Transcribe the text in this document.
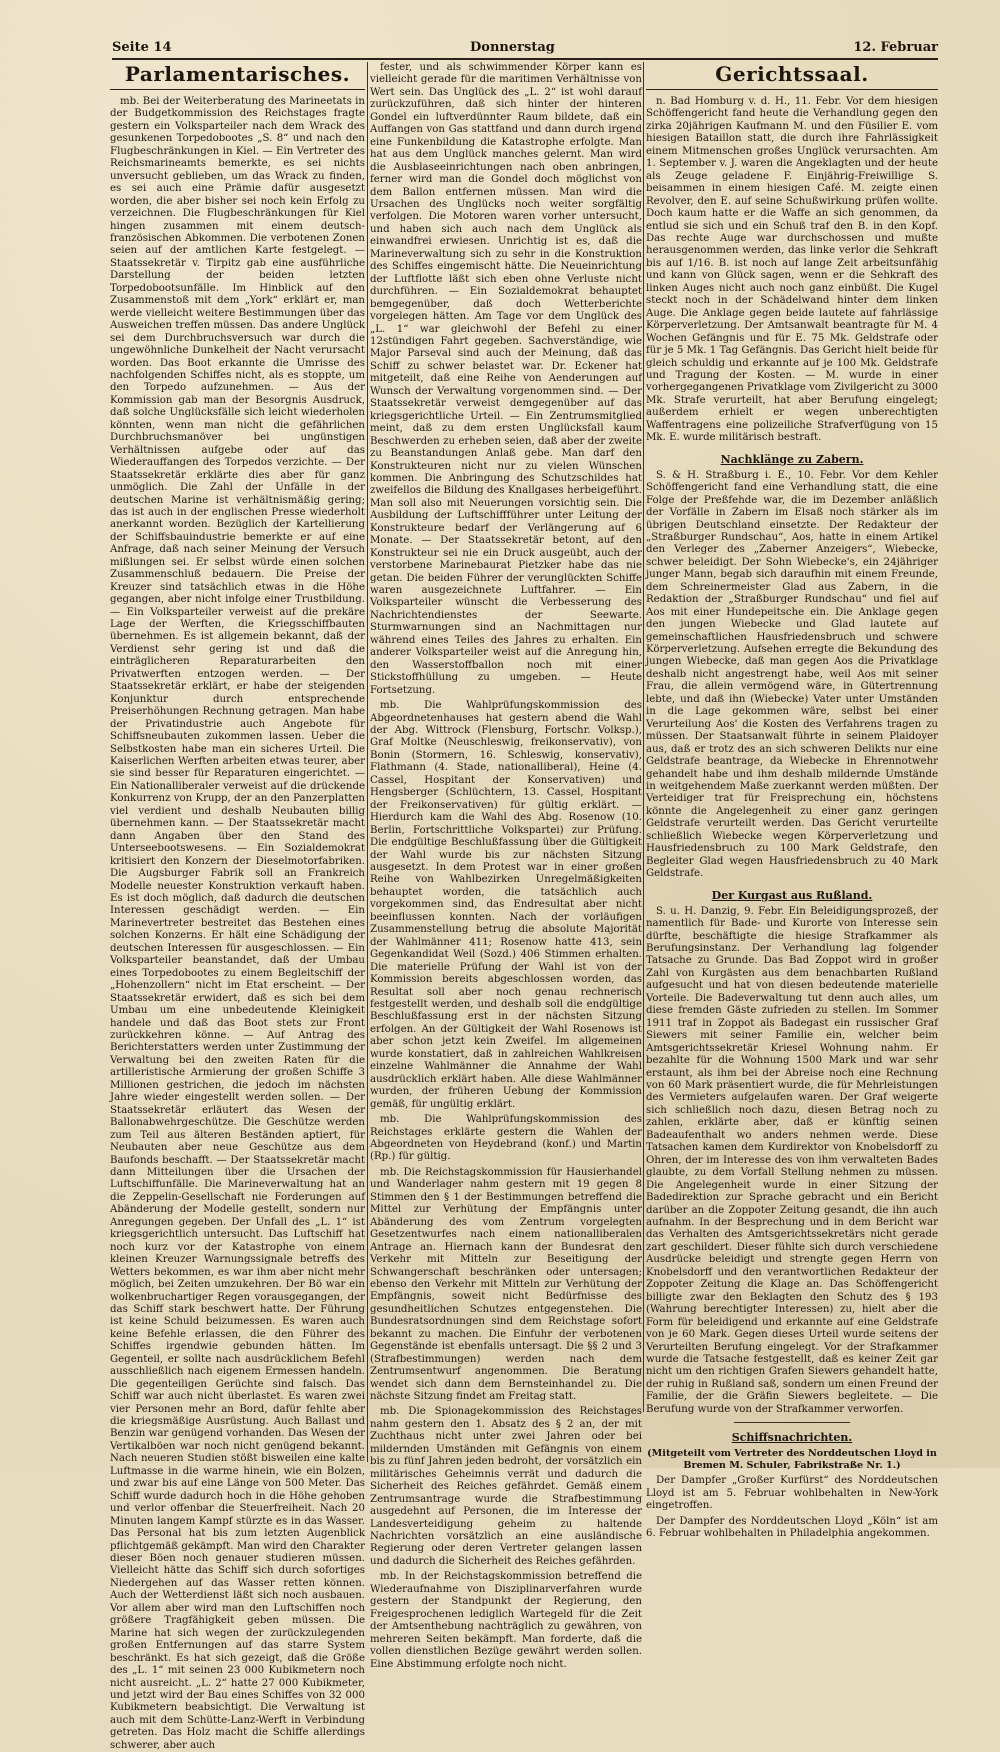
Seite 14	Donnerstag	12. Februar
Parlamentarisches.

mb. Bei der Weiterberatung des Marineetats in der Budgetkommission des Reichstages fragte gestern ein Volksparteiler nach dem Wrack des gesunkenen Torpedobootes „S. 8“ und nach den Flugbeschränkungen in Kiel. — Ein Vertreter des Reichsmarineamts bemerkte, es sei nichts unversucht geblieben, um das Wrack zu finden, es sei auch eine Prämie dafür ausgesetzt worden, die aber bisher sei noch kein Erfolg zu verzeichnen. Die Flugbeschränkungen für Kiel hingen zusammen mit einem deutsch-französischen Abkommen. Die verbotenen Zonen seien auf der amtlichen Karte festgelegt. — Staatssekretär v. Tirpitz gab eine ausführliche Darstellung der beiden letzten Torpedobootsunfälle. Im Hinblick auf den Zusammenstoß mit dem „York“ erklärt er, man werde vielleicht weitere Bestimmungen über das Ausweichen treffen müssen. Das andere Unglück sei dem Durchbruchsversuch war durch die ungewöhnliche Dunkelheit der Nacht verursacht worden. Das Boot erkannte die Umrisse des nachfolgenden Schiffes nicht, als es stoppte, um den Torpedo aufzunehmen. — Aus der Kommission gab man der Besorgnis Ausdruck, daß solche Unglücksfälle sich leicht wiederholen könnten, wenn man nicht die gefährlichen Durchbruchsmanöver bei ungünstigen Verhältnissen aufgebe oder auf das Wiederauffangen des Torpedos verzichte. — Der Staatssekretär erklärte dies aber für ganz unmöglich. Die Zahl der Unfälle in der deutschen Marine ist verhältnismäßig gering; das ist auch in der englischen Presse wiederholt anerkannt worden. Bezüglich der Kartellierung der Schiffsbauindustrie bemerkte er auf eine Anfrage, daß nach seiner Meinung der Versuch mißlungen sei. Er selbst würde einen solchen Zusammenschluß bedauern. Die Preise der Kreuzer sind tatsächlich etwas in die Höhe gegangen, aber nicht infolge einer Trustbildung. — Ein Volksparteiler verweist auf die prekäre Lage der Werften, die Kriegsschiffbauten übernehmen. Es ist allgemein bekannt, daß der Verdienst sehr gering ist und daß die einträglicheren Reparaturarbeiten den Privatwerften entzogen werden. — Der Staatssekretär erklärt, er habe der steigenden Konjunktur durch entsprechende Preiserhöhungen Rechnung getragen. Man habe der Privatindustrie auch Angebote für Schiffsneubauten zukommen lassen. Ueber die Selbstkosten habe man ein sicheres Urteil. Die Kaiserlichen Werften arbeiten etwas teurer, aber sie sind besser für Reparaturen eingerichtet. — Ein Nationalliberaler verweist auf die drückende Konkurrenz von Krupp, der an den Panzerplatten viel verdient und deshalb Neubauten billig übernehmen kann. — Der Staatssekretär macht dann Angaben über den Stand des Unterseebootswesens. — Ein Sozialdemokrat kritisiert den Konzern der Dieselmotorfabriken. Die Augsburger Fabrik soll an Frankreich Modelle neuester Konstruktion verkauft haben. Es ist doch möglich, daß dadurch die deutschen Interessen geschädigt werden. — Ein Marinevertreter bestreitet das Bestehen eines solchen Konzerns. Er hält eine Schädigung der deutschen Interessen für ausgeschlossen. — Ein Volksparteiler beanstandet, daß der Umbau eines Torpedobootes zu einem Begleitschiff der „Hohenzollern“ nicht im Etat erscheint. — Der Staatssekretär erwidert, daß es sich bei dem Umbau um eine unbedeutende Kleinigkeit handele und daß das Boot stets zur Front zurückkehren könne. — Auf Antrag des Berichterstatters werden unter Zustimmung der Verwaltung bei den zweiten Raten für die artilleristische Armierung der großen Schiffe 3 Millionen gestrichen, die jedoch im nächsten Jahre wieder eingestellt werden sollen. — Der Staatssekretär erläutert das Wesen der Ballonabwehrgeschütze. Die Geschütze werden zum Teil aus älteren Beständen aptiert, für Neubauten aber neue Geschütze aus dem Baufonds beschafft. — Der Staatssekretär macht dann Mitteilungen über die Ursachen der Luftschiffunfälle. Die Marineverwaltung hat an die Zeppelin-Gesellschaft nie Forderungen auf Abänderung der Modelle gestellt, sondern nur Anregungen gegeben. Der Unfall des „L. 1“ ist kriegsgerichtlich untersucht. Das Luftschiff hat noch kurz vor der Katastrophe von einem kleinen Kreuzer Warnungssignale betreffs des Wetters bekommen, es war ihm aber nicht mehr möglich, bei Zeiten umzukehren. Der Bö war ein wolkenbruchartiger Regen vorausgegangen, der das Schiff stark beschwert hatte. Der Führung ist keine Schuld beizumessen. Es waren auch keine Befehle erlassen, die den Führer des Schiffes irgendwie gebunden hätten. Im Gegenteil, er sollte nach ausdrücklichem Befehl ausschließlich nach eigenem Ermessen handeln. Die gegenteiligen Gerüchte sind falsch. Das Schiff war auch nicht überlastet. Es waren zwei vier Personen mehr an Bord, dafür fehlte aber die kriegsmäßige Ausrüstung. Auch Ballast und Benzin war genügend vorhanden. Das Wesen der Vertikalböen war noch nicht genügend bekannt. Nach neueren Studien stößt bisweilen eine kalte Luftmasse in die warme hinein, wie ein Bolzen, und zwar bis auf eine Länge von 500 Meter. Das Schiff wurde dadurch hoch in die Höhe gehoben und verlor offenbar die Steuerfreiheit. Nach 20 Minuten langem Kampf stürzte es in das Wasser. Das Personal hat bis zum letzten Augenblick pflichtgemäß gekämpft. Man wird den Charakter dieser Böen noch genauer studieren müssen. Vielleicht hätte das Schiff sich durch sofortiges Niedergehen auf das Wasser retten können. Auch der Wetterdienst läßt sich noch ausbauen. Vor allem aber wird man den Luftschiffen noch größere Tragfähigkeit geben müssen. Die Marine hat sich wegen der zurückzulegenden großen Entfernungen auf das starre System beschränkt. Es hat sich gezeigt, daß die Größe des „L. 1“ mit seinen 23 000 Kubikmetern noch nicht ausreicht. „L. 2“ hatte 27 000 Kubikmeter, und jetzt wird der Bau eines Schiffes von 32 000 Kubikmetern beabsichtigt. Die Verwaltung ist auch mit dem Schütte-Lanz-Werft in Verbindung getreten. Das Holz macht die Schiffe allerdings schwerer, aber auch

fester, und als schwimmender Körper kann es vielleicht gerade für die maritimen Verhältnisse von Wert sein. Das Unglück des „L. 2“ ist wohl darauf zurückzuführen, daß sich hinter der hinteren Gondel ein luftverdünnter Raum bildete, daß ein Auffangen von Gas stattfand und dann durch irgend eine Funkenbildung die Katastrophe erfolgte. Man hat aus dem Unglück manches gelernt. Man wird die Ausblaseeinrichtungen nach oben anbringen, ferner wird man die Gondel doch möglichst von dem Ballon entfernen müssen. Man wird die Ursachen des Unglücks noch weiter sorgfältig verfolgen. Die Motoren waren vorher untersucht, und haben sich auch nach dem Unglück als einwandfrei erwiesen. Unrichtig ist es, daß die Marineverwaltung sich zu sehr in die Konstruktion des Schiffes eingemischt hätte. Die Neueinrichtung der Luftflotte läßt sich eben ohne Verluste nicht durchführen. — Ein Sozialdemokrat behauptet bemgegenüber, daß doch Wetterberichte vorgelegen hätten. Am Tage vor dem Unglück des „L. 1“ war gleichwohl der Befehl zu einer 12stündigen Fahrt gegeben. Sachverständige, wie Major Parseval sind auch der Meinung, daß das Schiff zu schwer belastet war. Dr. Eckener hat mitgeteilt, daß eine Reihe von Aenderungen auf Wunsch der Verwaltung vorgenommen sind. — Der Staatssekretär verweist demgegenüber auf das kriegsgerichtliche Urteil. — Ein Zentrumsmitglied meint, daß zu dem ersten Unglücksfall kaum Beschwerden zu erheben seien, daß aber der zweite zu Beanstandungen Anlaß gebe. Man darf den Konstrukteuren nicht nur zu vielen Wünschen kommen. Die Anbringung des Schutzschildes hat zweifellos die Bildung des Knallgases herbeigeführt. Man soll also mit Neuerungen vorsichtig sein. Die Ausbildung der Luftschiffführer unter Leitung der Konstrukteure bedarf der Verlängerung auf 6 Monate. — Der Staatssekretär betont, auf den Konstrukteur sei nie ein Druck ausgeübt, auch der verstorbene Marinebaurat Pietzker habe das nie getan. Die beiden Führer der verunglückten Schiffe waren ausgezeichnete Luftfahrer. — Ein Volksparteiler wünscht die Verbesserung des Nachrichtendienstes der Seewarte. Sturmwarnungen sind an Nachmittagen nur während eines Teiles des Jahres zu erhalten. Ein anderer Volksparteiler weist auf die Anregung hin, den Wasserstoffballon noch mit einer Stickstoffhüllung zu umgeben. — Heute Fortsetzung.

mb. Die Wahlprüfungskommission des Abgeordnetenhauses hat gestern abend die Wahl der Abg. Wittrock (Flensburg, Fortschr. Volksp.), Graf Moltke (Neuschleswig, freikonservativ), von Bonin (Stormern, 16. Schleswig, konservativ), Flathmann (4. Stade, nationalliberal), Heine (4. Cassel, Hospitant der Konservativen) und Hengsberger (Schlüchtern, 13. Cassel, Hospitant der Freikonservativen) für gültig erklärt. — Hierdurch kam die Wahl des Abg. Rosenow (10. Berlin, Fortschrittliche Volkspartei) zur Prüfung. Die endgültige Beschlußfassung über die Gültigkeit der Wahl wurde bis zur nächsten Sitzung ausgesetzt. In dem Protest war in einer großen Reihe von Wahlbezirken Unregelmäßigkeiten behauptet worden, die tatsächlich auch vorgekommen sind, das Endresultat aber nicht beeinflussen konnten. Nach der vorläufigen Zusammenstellung betrug die absolute Majorität der Wahlmänner 411; Rosenow hatte 413, sein Gegenkandidat Weil (Sozd.) 406 Stimmen erhalten. Die materielle Prüfung der Wahl ist von der Kommission bereits abgeschlossen worden, das Resultat soll aber noch genau rechnerisch festgestellt werden, und deshalb soll die endgültige Beschlußfassung erst in der nächsten Sitzung erfolgen. An der Gültigkeit der Wahl Rosenows ist aber schon jetzt kein Zweifel. Im allgemeinen wurde konstatiert, daß in zahlreichen Wahlkreisen einzelne Wahlmänner die Annahme der Wahl ausdrücklich erklärt haben. Alle diese Wahlmänner wurden, der früheren Uebung der Kommission gemäß, für ungültig erklärt.

mb. Die Wahlprüfungskommission des Reichstages erklärte gestern die Wahlen der Abgeordneten von Heydebrand (konf.) und Martin (Rp.) für gültig.

mb. Die Reichstagskommission für Hausierhandel und Wanderlager nahm gestern mit 19 gegen 8 Stimmen den § 1 der Bestimmungen betreffend die Mittel zur Verhütung der Empfängnis unter Abänderung des vom Zentrum vorgelegten Gesetzentwurfes nach einem nationalliberalen Antrage an. Hiernach kann der Bundesrat den Verkehr mit Mitteln zur Beseitigung der Schwangerschaft beschränken oder untersagen; ebenso den Verkehr mit Mitteln zur Verhütung der Empfängnis, soweit nicht Bedürfnisse des gesundheitlichen Schutzes entgegenstehen. Die Bundesratsordnungen sind dem Reichstage sofort bekannt zu machen. Die Einfuhr der verbotenen Gegenstände ist ebenfalls untersagt. Die §§ 2 und 3 (Strafbestimmungen) werden nach dem Zentrumsentwurf angenommen. Die Beratung wendet sich dann dem Bernsteinhandel zu. Die nächste Sitzung findet am Freitag statt.

mb. Die Spionagekommission des Reichstages nahm gestern den 1. Absatz des § 2 an, der mit Zuchthaus nicht unter zwei Jahren oder bei mildernden Umständen mit Gefängnis von einem bis zu fünf Jahren jeden bedroht, der vorsätzlich ein militärisches Geheimnis verrät und dadurch die Sicherheit des Reiches gefährdet. Gemäß einem Zentrumsantrage wurde die Strafbestimmung ausgedehnt auf Personen, die im Interesse der Landesverteidigung geheim zu haltende Nachrichten vorsätzlich an eine ausländische Regierung oder deren Vertreter gelangen lassen und dadurch die Sicherheit des Reiches gefährden.

mb. In der Reichstagskommission betreffend die Wiederaufnahme von Disziplinarverfahren wurde gestern der Standpunkt der Regierung, den Freigesprochenen lediglich Wartegeld für die Zeit der Amtsenthebung nachträglich zu gewähren, von mehreren Seiten bekämpft. Man forderte, daß die vollen dienstlichen Bezüge gewährt werden sollen. Eine Abstimmung erfolgte noch nicht.

Gerichtssaal.

n. Bad Homburg v. d. H., 11. Febr. Vor dem hiesigen Schöffengericht fand heute die Verhandlung gegen den zirka 20jährigen Kaufmann M. und den Füsilier E. vom hiesigen Bataillon statt, die durch ihre Fahrlässigkeit einem Mitmenschen großes Unglück verursachten. Am 1. September v. J. waren die Angeklagten und der heute als Zeuge geladene F. Einjährig-Freiwillige S. beisammen in einem hiesigen Café. M. zeigte einen Revolver, den E. auf seine Schußwirkung prüfen wollte. Doch kaum hatte er die Waffe an sich genommen, da entlud sie sich und ein Schuß traf den B. in den Kopf. Das rechte Auge war durchschossen und mußte herausgenommen werden, das linke verlor die Sehkraft bis auf 1/16. B. ist noch auf lange Zeit arbeitsunfähig und kann von Glück sagen, wenn er die Sehkraft des linken Auges nicht auch noch ganz einbüßt. Die Kugel steckt noch in der Schädelwand hinter dem linken Auge. Die Anklage gegen beide lautete auf fahrlässige Körperverletzung. Der Amtsanwalt beantragte für M. 4 Wochen Gefängnis und für E. 75 Mk. Geldstrafe oder für je 5 Mk. 1 Tag Gefängnis. Das Gericht hielt beide für gleich schuldig und erkannte auf je 100 Mk. Geldstrafe und Tragung der Kosten. — M. wurde in einer vorhergegangenen Privatklage vom Zivilgericht zu 3000 Mk. Strafe verurteilt, hat aber Berufung eingelegt; außerdem erhielt er wegen unberechtigten Waffentragens eine polizeiliche Strafverfügung von 15 Mk. E. wurde militärisch bestraft.

Nachklänge zu Zabern.

S. & H. Straßburg i. E., 10. Febr. Vor dem Kehler Schöffengericht fand eine Verhandlung statt, die eine Folge der Preßfehde war, die im Dezember anläßlich der Vorfälle in Zabern im Elsaß noch stärker als im übrigen Deutschland einsetzte. Der Redakteur der „Straßburger Rundschau“, Aos, hatte in einem Artikel den Verleger des „Zaberner Anzeigers“, Wiebecke, schwer beleidigt. Der Sohn Wiebecke's, ein 24jähriger junger Mann, begab sich daraufhin mit einem Freunde, dem Schreinermeister Glad aus Zabern, in die Redaktion der „Straßburger Rundschau“ und fiel auf Aos mit einer Hundepeitsche ein. Die Anklage gegen den jungen Wiebecke und Glad lautete auf gemeinschaftlichen Hausfriedensbruch und schwere Körperverletzung. Aufsehen erregte die Bekundung des jungen Wiebecke, daß man gegen Aos die Privatklage deshalb nicht angestrengt habe, weil Aos mit seiner Frau, die allein vermögend wäre, in Gütertrennung lebte, und daß ihn (Wiebecke) Vater unter Umständen in die Lage gekommen wäre, selbst bei einer Verurteilung Aos' die Kosten des Verfahrens tragen zu müssen. Der Staatsanwalt führte in seinem Plaidoyer aus, daß er trotz des an sich schweren Delikts nur eine Geldstrafe beantrage, da Wiebecke in Ehrennotwehr gehandelt habe und ihm deshalb mildernde Umstände in weitgehendem Maße zuerkannt werden müßten. Der Verteidiger trat für Freisprechung ein, höchstens könnte die Angelegenheit zu einer ganz geringen Geldstrafe verurteilt werden. Das Gericht verurteilte schließlich Wiebecke wegen Körperverletzung und Hausfriedensbruch zu 100 Mark Geldstrafe, den Begleiter Glad wegen Hausfriedensbruch zu 40 Mark Geldstrafe.

Der Kurgast aus Rußland.

S. u. H. Danzig, 9. Febr. Ein Beleidigungsprozeß, der namentlich für Bade- und Kurorte von Interesse sein dürfte, beschäftigte die hiesige Strafkammer als Berufungsinstanz. Der Verhandlung lag folgender Tatsache zu Grunde. Das Bad Zoppot wird in großer Zahl von Kurgästen aus dem benachbarten Rußland aufgesucht und hat von diesen bedeutende materielle Vorteile. Die Badeverwaltung tut denn auch alles, um diese fremden Gäste zufrieden zu stellen. Im Sommer 1911 traf in Zoppot als Badegast ein russischer Graf Siewers mit seiner Familie ein, welcher beim Amtsgerichtssekretär Kriesel Wohnung nahm. Er bezahlte für die Wohnung 1500 Mark und war sehr erstaunt, als ihm bei der Abreise noch eine Rechnung von 60 Mark präsentiert wurde, die für Mehrleistungen des Vermieters aufgelaufen waren. Der Graf weigerte sich schließlich noch dazu, diesen Betrag noch zu zahlen, erklärte aber, daß er künftig seinen Badeaufenthalt wo anders nehmen werde. Diese Tatsachen kamen dem Kurdirektor von Knobelsdorff zu Ohren, der im Interesse des von ihm verwalteten Bades glaubte, zu dem Vorfall Stellung nehmen zu müssen. Die Angelegenheit wurde in einer Sitzung der Badedirektion zur Sprache gebracht und ein Bericht darüber an die Zoppoter Zeitung gesandt, die ihn auch aufnahm. In der Besprechung und in dem Bericht war das Verhalten des Amtsgerichtssekretärs nicht gerade zart geschildert. Dieser fühlte sich durch verschiedene Ausdrücke beleidigt und strengte gegen Herrn von Knobelsdorff und den verantwortlichen Redakteur der Zoppoter Zeitung die Klage an. Das Schöffengericht billigte zwar den Beklagten den Schutz des § 193 (Wahrung berechtigter Interessen) zu, hielt aber die Form für beleidigend und erkannte auf eine Geldstrafe von je 60 Mark. Gegen dieses Urteil wurde seitens der Verurteilten Berufung eingelegt. Vor der Strafkammer wurde die Tatsache festgestellt, daß es keiner Zeit gar nicht um den richtigen Grafen Siewers gehandelt hatte, der ruhig in Rußland saß, sondern um einen Freund der Familie, der die Gräfin Siewers begleitete. — Die Berufung wurde von der Strafkammer verworfen.

Schiffsnachrichten.
(Mitgeteilt vom Vertreter des Norddeutschen Lloyd in Bremen M. Schuler, Fabrikstraße Nr. 1.)

Der Dampfer „Großer Kurfürst“ des Norddeutschen Lloyd ist am 5. Februar wohlbehalten in New-York eingetroffen.

Der Dampfer des Norddeutschen Lloyd „Köln“ ist am 6. Februar wohlbehalten in Philadelphia angekommen.
